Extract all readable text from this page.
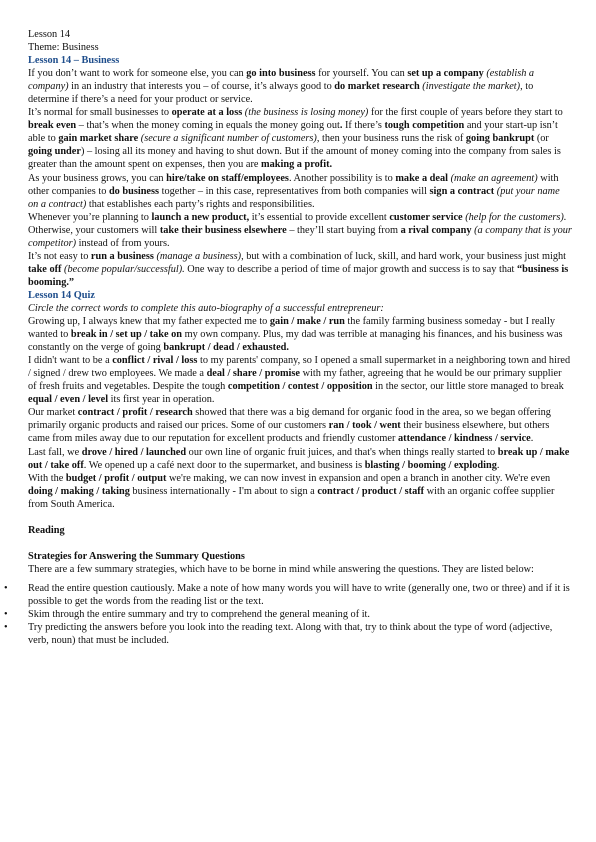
Lesson 14

Theme: Business

Lesson 14 – Business

If you don’t want to work for someone else, you can go into business for yourself. You can set up a company (establish a company) in an industry that interests you – of course, it’s always good to do market research (investigate the market), to determine if there’s a need for your product or service.

It’s normal for small businesses to operate at a loss (the business is losing money) for the first couple of years before they start to break even – that’s when the money coming in equals the money going out. If there’s tough competition and your start-up isn’t able to gain market share (secure a significant number of customers), then your business runs the risk of going bankrupt (or going under) – losing all its money and having to shut down. But if the amount of money coming into the company from sales is greater than the amount spent on expenses, then you are making a profit.

As your business grows, you can hire/take on staff/employees. Another possibility is to make a deal (make an agreement) with other companies to do business together – in this case, representatives from both companies will sign a contract (put your name on a contract) that establishes each party’s rights and responsibilities.

Whenever you’re planning to launch a new product, it’s essential to provide excellent customer service (help for the customers). Otherwise, your customers will take their business elsewhere – they’ll start buying from a rival company (a company that is your competitor) instead of from yours.

It’s not easy to run a business (manage a business), but with a combination of luck, skill, and hard work, your business just might take off (become popular/successful). One way to describe a period of time of major growth and success is to say that “business is booming.”

Lesson 14 Quiz

Circle the correct words to complete this auto-biography of a successful entrepreneur:

Growing up, I always knew that my father expected me to gain / make / run the family farming business someday - but I really wanted to break in / set up / take on my own company. Plus, my dad was terrible at managing his finances, and his business was constantly on the verge of going bankrupt / dead / exhausted.

I didn't want to be a conflict / rival / loss to my parents' company, so I opened a small supermarket in a neighboring town and hired / signed / drew two employees. We made a deal / share / promise with my father, agreeing that he would be our primary supplier of fresh fruits and vegetables. Despite the tough competition / contest / opposition in the sector, our little store managed to break equal / even / level its first year in operation.

Our market contract / profit / research showed that there was a big demand for organic food in the area, so we began offering primarily organic products and raised our prices. Some of our customers ran / took / went their business elsewhere, but others came from miles away due to our reputation for excellent products and friendly customer attendance / kindness / service.

Last fall, we drove / hired / launched our own line of organic fruit juices, and that's when things really started to break up / make out / take off. We opened up a café next door to the supermarket, and business is blasting / booming / exploding.

With the budget / profit / output we're making, we can now invest in expansion and open a branch in another city. We're even doing / making / taking business internationally - I'm about to sign a contract / product / staff with an organic coffee supplier from South America.

Reading

Strategies for Answering the Summary Questions

There are a few summary strategies, which have to be borne in mind while answering the questions. They are listed below:

• Read the entire question cautiously. Make a note of how many words you will have to write (generally one, two or three) and if it is possible to get the words from the reading list or the text.
• Skim through the entire summary and try to comprehend the general meaning of it.
• Try predicting the answers before you look into the reading text. Along with that, try to think about the type of word (adjective, verb, noun) that must be included.
